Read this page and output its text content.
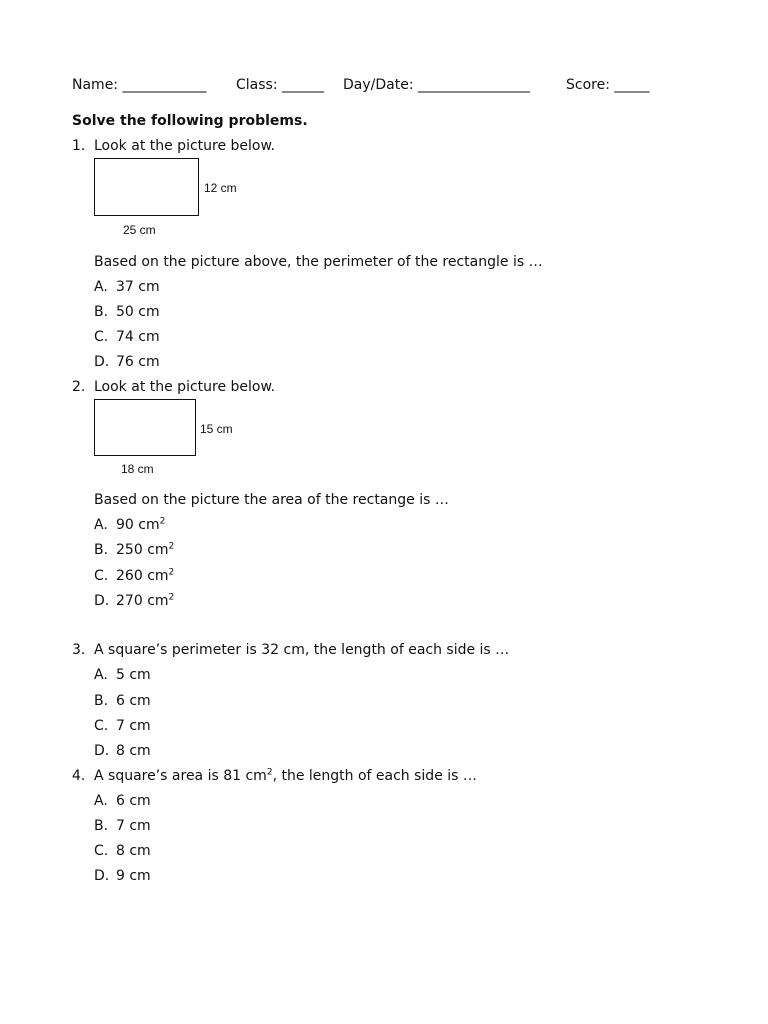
Name: ____________ Class: ______ Day/Date: ________________	Score: _____
Solve the following problems.
1. Look at the picture below.
12 cm
25 cm
Based on the picture above, the perimeter of the rectangle is …
A. 37 cm
B. 50 cm
C. 74 cm
D. 76 cm
2. Look at the picture below.
15 cm
18 cm
Based on the picture the area of the rectange is …
A. 90 $cm^2$
B. 250 $cm^2$
C. 260 $cm^2$
D. 270 $cm^2$
3. A square’s perimeter is 32 cm, the length of each side is …
A. 5 cm
B. 6 cm
C. 7 cm
D. 8 cm
4. A square’s area is 81 $cm^2$, the length of each side is …
A. 6 cm
B. 7 cm
C. 8 cm
D. 9 cm
